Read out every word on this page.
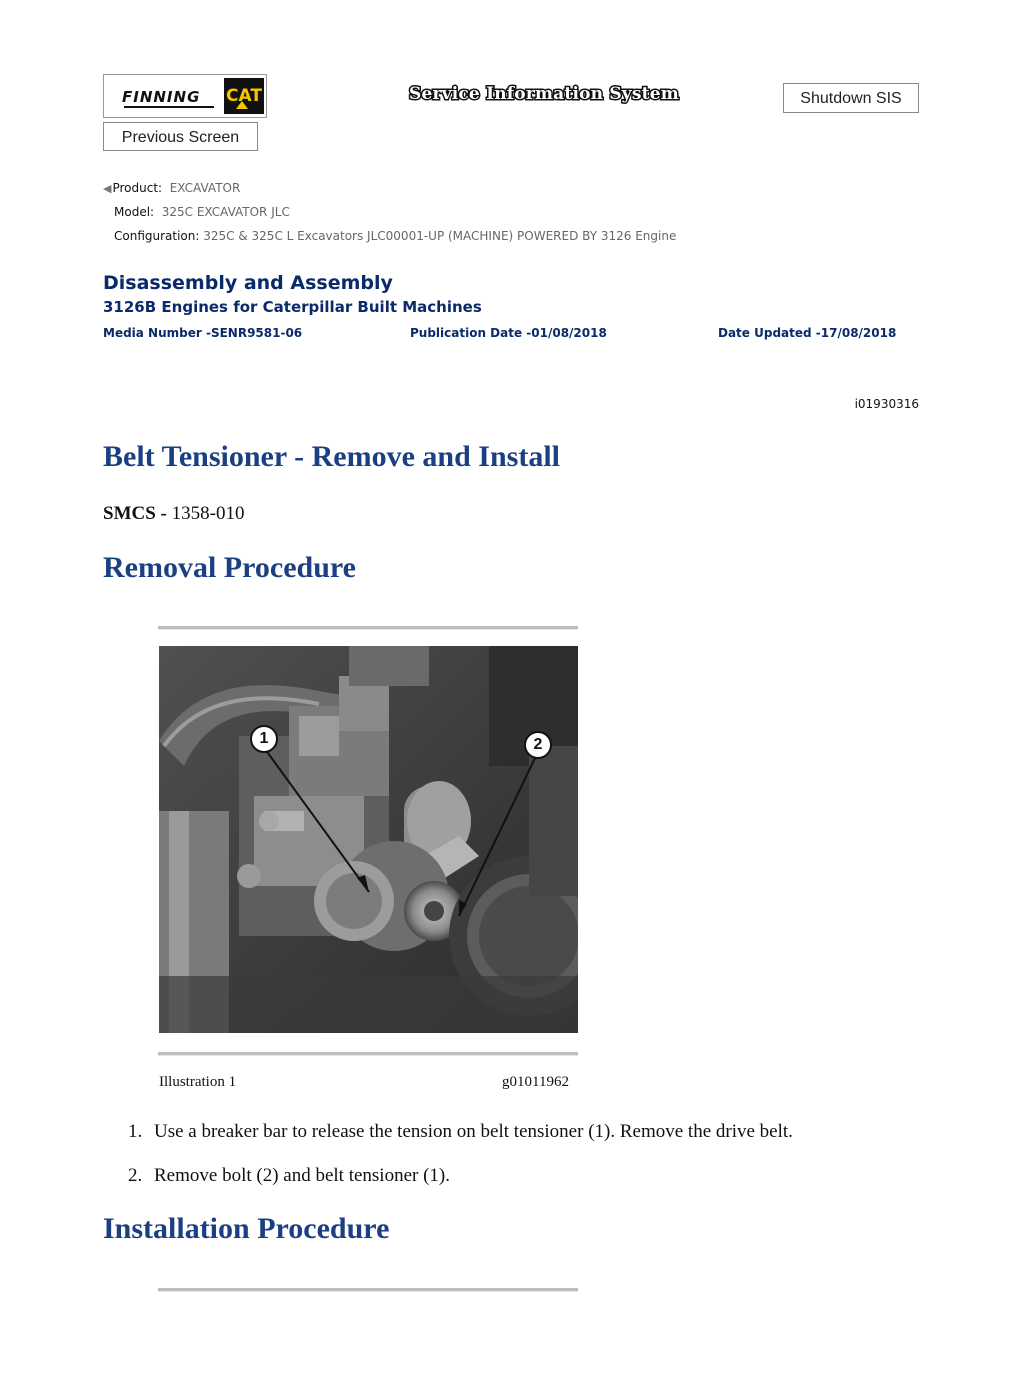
FINNING CAT	Service Information System	Shutdown SIS
Previous Screen
◀Product: EXCAVATOR
Model: 325C EXCAVATOR JLC
Configuration: 325C & 325C L Excavators JLC00001-UP (MACHINE) POWERED BY 3126 Engine
Disassembly and Assembly
3126B Engines for Caterpillar Built Machines
Media Number -SENR9581-06	Publication Date -01/08/2018	Date Updated -17/08/2018
i01930316
Belt Tensioner - Remove and Install
SMCS - 1358-010
Removal Procedure
1	2
Illustration 1	g01011962
1. Use a breaker bar to release the tension on belt tensioner (1). Remove the drive belt.
2. Remove bolt (2) and belt tensioner (1).
Installation Procedure
